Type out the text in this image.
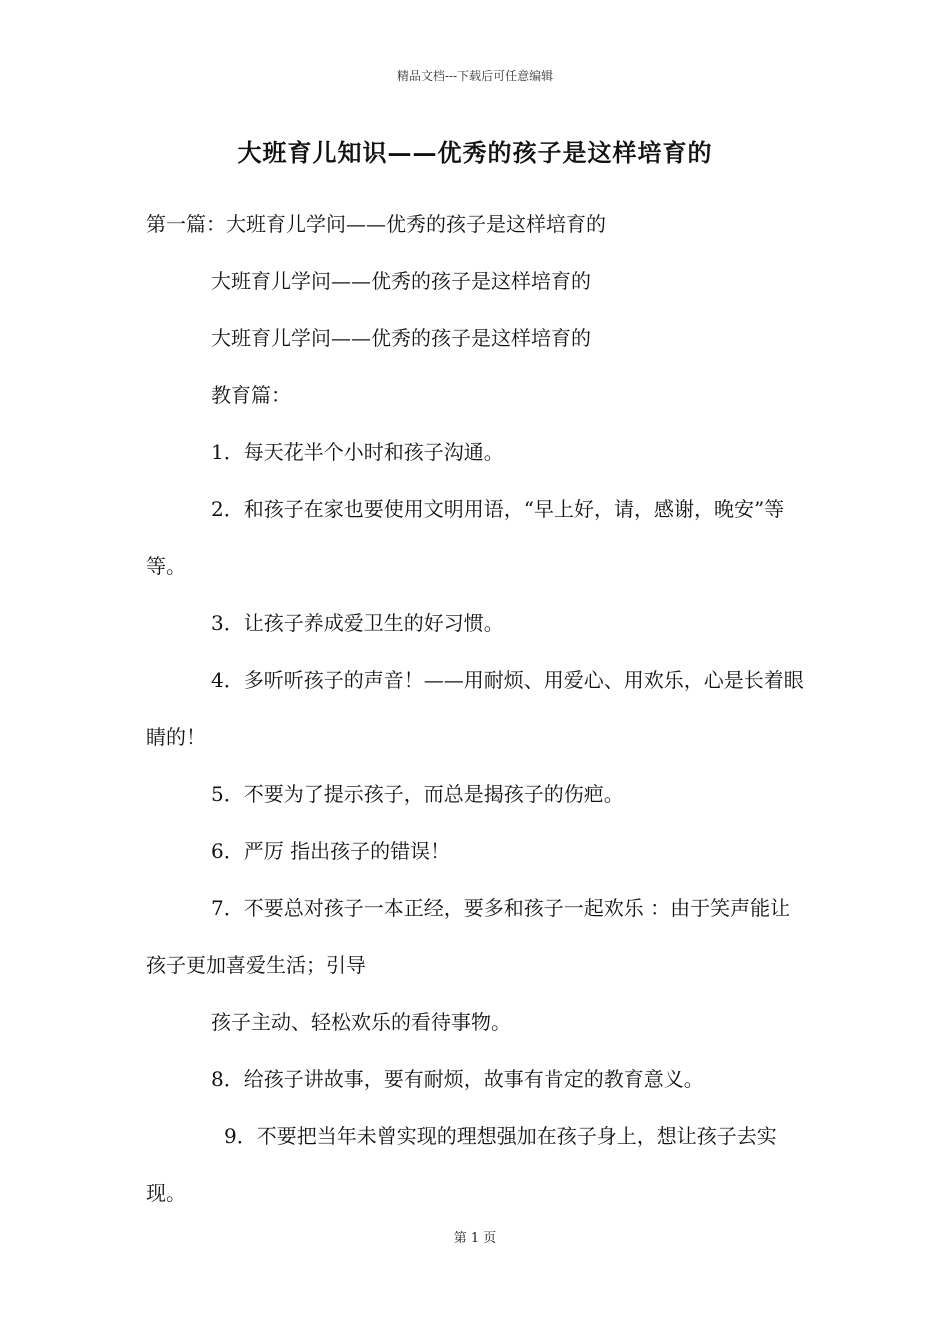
精品文档---下载后可任意编辑
大班育儿知识——优秀的孩子是这样培育的

第一篇：大班育儿学问——优秀的孩子是这样培育的

大班育儿学问——优秀的孩子是这样培育的

大班育儿学问——优秀的孩子是这样培育的

教育篇：

1．每天花半个小时和孩子沟通。

2．和孩子在家也要使用文明用语，“早上好，请，感谢，晚安”等等。

3．让孩子养成爱卫生的好习惯。

4．多听听孩子的声音！——用耐烦、用爱心、用欢乐，心是长着眼睛的！

5．不要为了提示孩子，而总是揭孩子的伤疤。

6．严厉 指出孩子的错误！

7．不要总对孩子一本正经，要多和孩子一起欢乐 ：由于笑声能让孩子更加喜爱生活；引导

孩子主动、轻松欢乐的看待事物。

8．给孩子讲故事，要有耐烦，故事有肯定的教育意义。

9．不要把当年未曾实现的理想强加在孩子身上，想让孩子去实现。

第 1 页
